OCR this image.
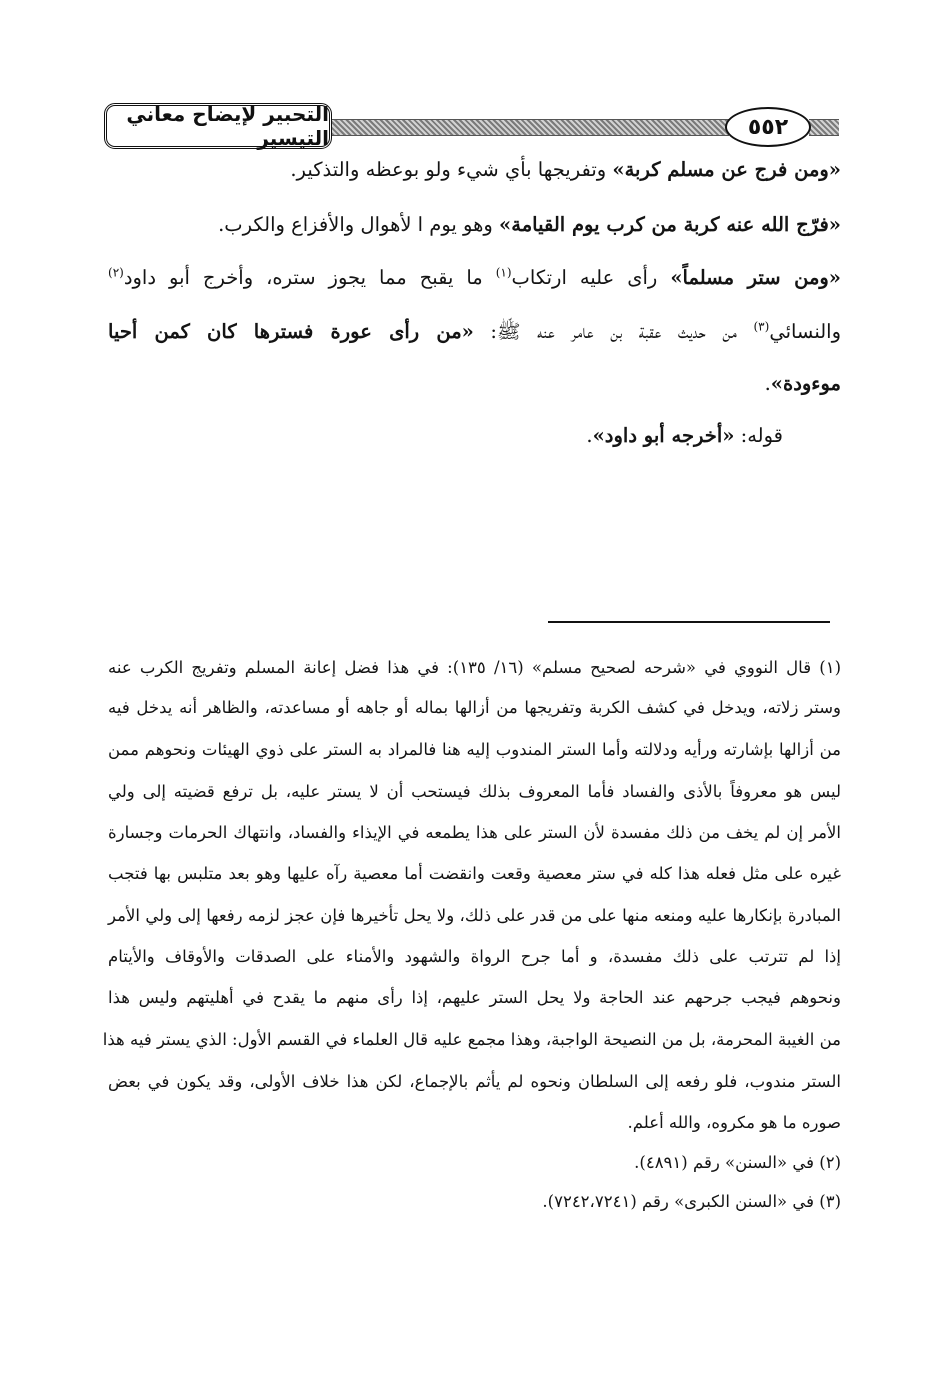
التحبير لإيضاح معاني التيسير	٥٥٢
«ومن فرج عن مسلم كربة» وتفريجها بأي شيء ولو بوعظه والتذكير.
«فرّج الله عنه كربة من كرب يوم القيامة» وهو يوم ا لأهوال والأفزاع والكرب.
«ومن ستر مسلماً» رأى عليه ارتكاب$^{(١)}$ ما يقبح مما يجوز ستره، وأخرج أبو داود$^{(٢)}$
والنسائي$^{(٣)}$ من حديث عقبة بن عامر عنه ﷺ: «من رأى عورة فسترها كان كمن أحيا
موءودة».
قوله: «أخرجه أبو داود».
(١) قال النووي في «شرحه لصحيح مسلم» (١٦/ ١٣٥): في هذا فضل إعانة المسلم وتفريج الكرب عنه
وستر زلاته، ويدخل في كشف الكربة وتفريجها من أزالها بماله أو جاهه أو مساعدته، والظاهر أنه يدخل فيه
من أزالها بإشارته ورأيه ودلالته وأما الستر المندوب إليه هنا فالمراد به الستر على ذوي الهيئات ونحوهم ممن
ليس هو معروفاً بالأذى والفساد فأما المعروف بذلك فيستحب أن لا يستر عليه، بل ترفع قضيته إلى ولي
الأمر إن لم يخف من ذلك مفسدة لأن الستر على هذا يطمعه في الإيذاء والفساد، وانتهاك الحرمات وجسارة
غيره على مثل فعله هذا كله في ستر معصية وقعت وانقضت أما معصية رآه عليها وهو بعد متلبس بها فتجب
المبادرة بإنكارها عليه ومنعه منها على من قدر على ذلك، ولا يحل تأخيرها فإن عجز لزمه رفعها إلى ولي الأمر
إذا لم تترتب على ذلك مفسدة، و أما جرح الرواة والشهود والأمناء على الصدقات والأوقاف والأيتام
ونحوهم فيجب جرحهم عند الحاجة ولا يحل الستر عليهم، إذا رأى منهم ما يقدح في أهليتهم وليس هذا
من الغيبة المحرمة، بل من النصيحة الواجبة، وهذا مجمع عليه قال العلماء في القسم الأول: الذي يستر فيه هذا
الستر مندوب، فلو رفعه إلى السلطان ونحوه لم يأثم بالإجماع، لكن هذا خلاف الأولى، وقد يكون في بعض
صوره ما هو مكروه، والله أعلم.
(٢) في «السنن» رقم (٤٨٩١).
(٣) في «السنن الكبرى» رقم (٧٢٤٢،٧٢٤١).
